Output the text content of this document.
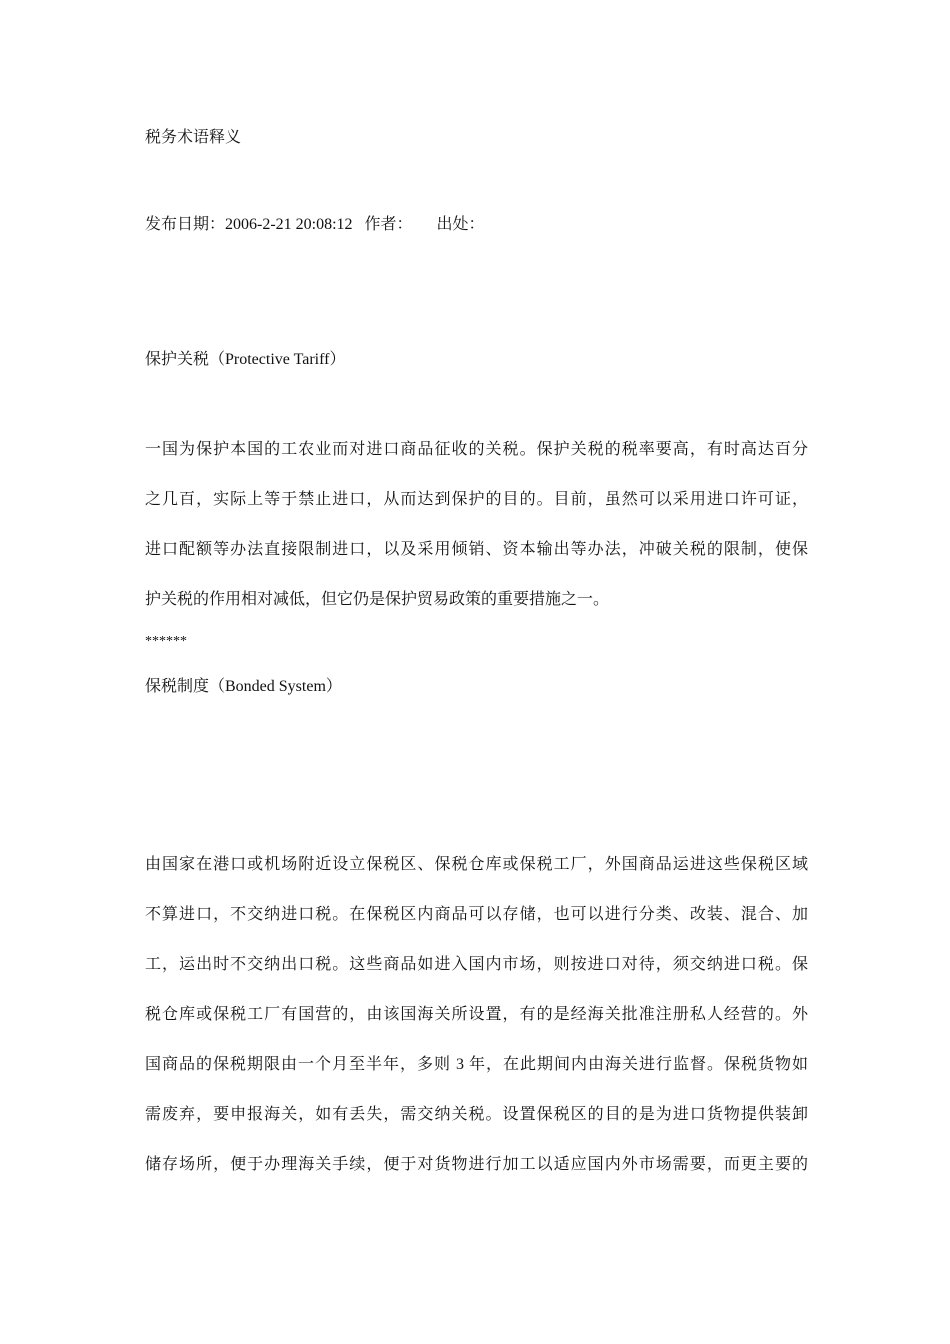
税务术语释义
发布日期：2006-2-21 20:08:12   作者：      出处：
保护关税（Protective Tariff）
一国为保护本国的工农业而对进口商品征收的关税。保护关税的税率要高，有时高达百分
之几百，实际上等于禁止进口，从而达到保护的目的。目前，虽然可以采用进口许可证，
进口配额等办法直接限制进口，以及采用倾销、资本输出等办法，冲破关税的限制，使保
护关税的作用相对减低，但它仍是保护贸易政策的重要措施之一。
******
保税制度（Bonded System）
由国家在港口或机场附近设立保税区、保税仓库或保税工厂，外国商品运进这些保税区域
不算进口，不交纳进口税。在保税区内商品可以存储，也可以进行分类、改装、混合、加
工，运出时不交纳出口税。这些商品如进入国内市场，则按进口对待，须交纳进口税。保
税仓库或保税工厂有国营的，由该国海关所设置，有的是经海关批准注册私人经营的。外
国商品的保税期限由一个月至半年，多则 3 年，在此期间内由海关进行监督。保税货物如
需废弃，要申报海关，如有丢失，需交纳关税。设置保税区的目的是为进口货物提供装卸
储存场所，便于办理海关手续，便于对货物进行加工以适应国内外市场需要，而更主要的
